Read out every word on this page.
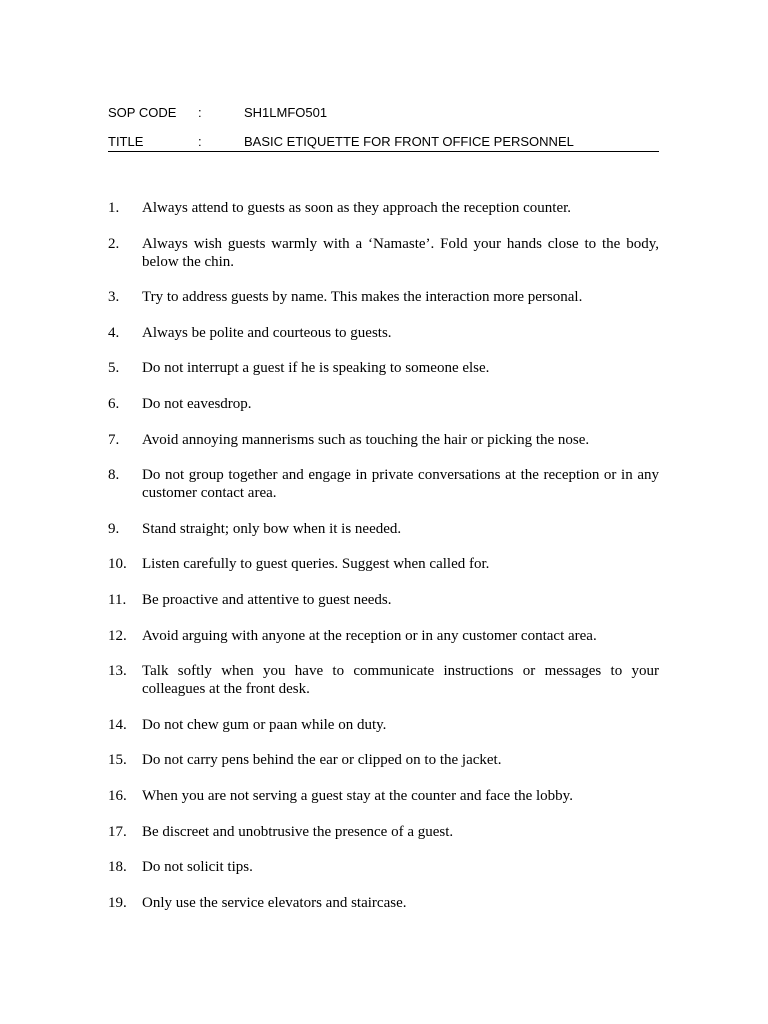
SOP CODE	:	SH1LMFO501
TITLE	:	BASIC ETIQUETTE FOR FRONT OFFICE PERSONNEL
1.	Always attend to guests as soon as they approach the reception counter.
2.	Always wish guests warmly with a ‘Namaste’. Fold your hands close to the body, below the chin.
3.	Try to address guests by name. This makes the interaction more personal.
4.	Always be polite and courteous to guests.
5.	Do not interrupt a guest if he is speaking to someone else.
6.	Do not eavesdrop.
7.	Avoid annoying mannerisms such as touching the hair or picking the nose.
8.	Do not group together and engage in private conversations at the reception or in any customer contact area.
9.	Stand straight; only bow when it is needed.
10.	Listen carefully to guest queries. Suggest when called for.
11.	Be proactive and attentive to guest needs.
12.	Avoid arguing with anyone at the reception or in any customer contact area.
13.	Talk softly when you have to communicate instructions or messages to your colleagues at the front desk.
14.	Do not chew gum or paan while on duty.
15.	Do not carry pens behind the ear or clipped on to the jacket.
16.	When you are not serving a guest stay at the counter and face the lobby.
17.	Be discreet and unobtrusive the presence of a guest.
18.	Do not solicit tips.
19.	Only use the service elevators and staircase.
